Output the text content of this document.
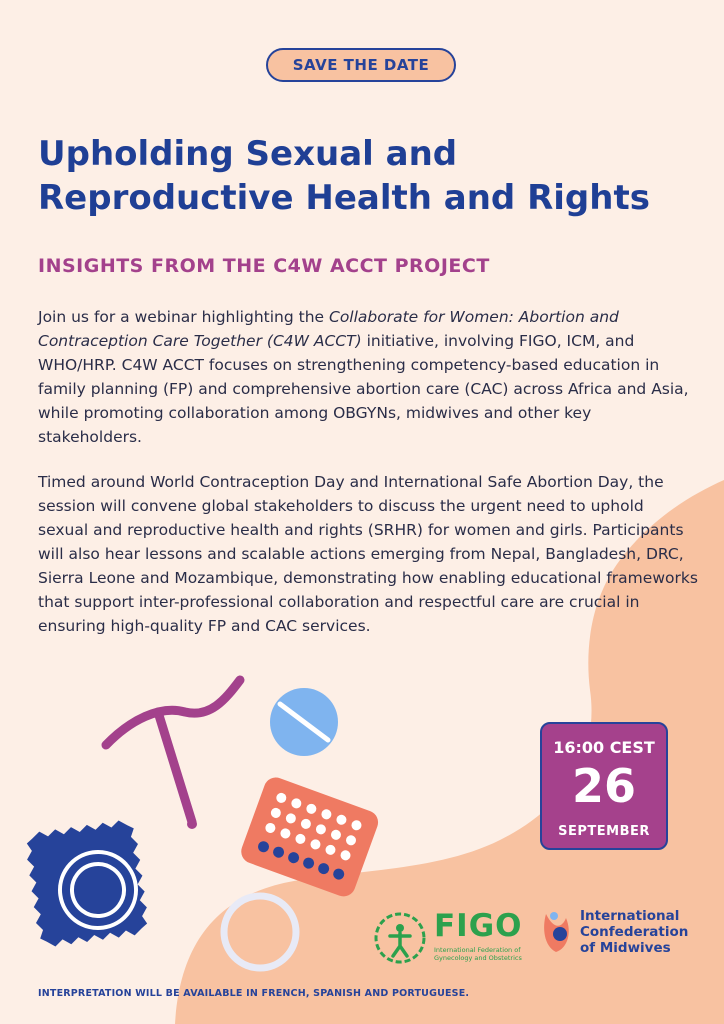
SAVE THE DATE
Upholding Sexual and
Reproductive Health and Rights
INSIGHTS FROM THE C4W ACCT PROJECT

Join us for a webinar highlighting the Collaborate for Women: Abortion and Contraception Care Together (C4W ACCT) initiative, involving FIGO, ICM, and WHO/HRP. C4W ACCT focuses on strengthening competency-based education in family planning (FP) and comprehensive abortion care (CAC) across Africa and Asia, while promoting collaboration among OBGYNs, midwives and other key stakeholders.

Timed around World Contraception Day and International Safe Abortion Day, the session will convene global stakeholders to discuss the urgent need to uphold sexual and reproductive health and rights (SRHR) for women and girls. Participants will also hear lessons and scalable actions emerging from Nepal, Bangladesh, DRC, Sierra Leone and Mozambique, demonstrating how enabling educational frameworks that support inter-professional collaboration and respectful care are crucial in ensuring high-quality FP and CAC services.

16:00 CEST
26
SEPTEMBER
FIGO
International Federation of Gynecology and Obstetrics
International
Confederation
of Midwives

INTERPRETATION WILL BE AVAILABLE IN FRENCH, SPANISH AND PORTUGUESE.
